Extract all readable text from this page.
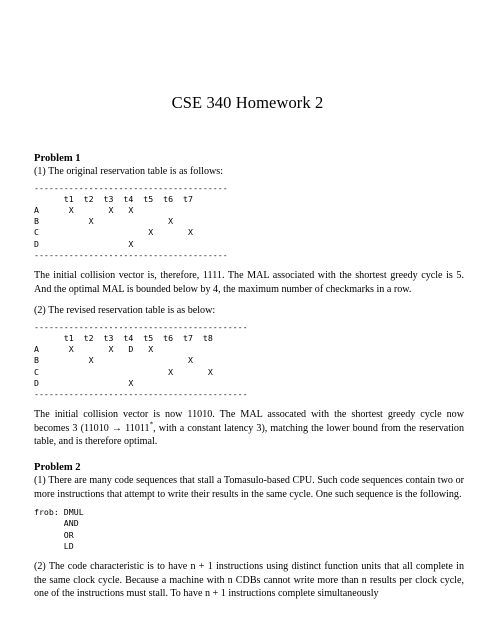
CSE 340 Homework 2
Problem 1

(1) The original reservation table is as follows:

---------------------------------------
t1  t2  t3  t4  t5  t6  t7
A      X       X   X
B          X               X
C                      X       X
D                  X
---------------------------------------

The initial collision vector is, therefore, 1111. The MAL associated with the shortest greedy cycle is 5. And the optimal MAL is bounded below by 4, the maximum number of checkmarks in a row.

(2) The revised reservation table is as below:

-------------------------------------------
t1  t2  t3  t4  t5  t6  t7  t8
A      X       X   D   X
B          X                   X
C                          X       X
D                  X
-------------------------------------------

The initial collision vector is now 11010. The MAL assocated with the shortest greedy cycle now becomes 3 (11010 → 11011*, with a constant latency 3), matching the lower bound from the reservation table, and is therefore optimal.

Problem 2

(1) There are many code sequences that stall a Tomasulo-based CPU. Such code sequences contain two or more instructions that attempt to write their results in the same cycle. One such sequence is the following.

frob: DMUL
AND
OR
LD

(2) The code characteristic is to have n + 1 instructions using distinct function units that all complete in the same clock cycle. Because a machine with n CDBs cannot write more than n results per clock cycle, one of the instructions must stall. To have n + 1 instructions complete simultaneously
